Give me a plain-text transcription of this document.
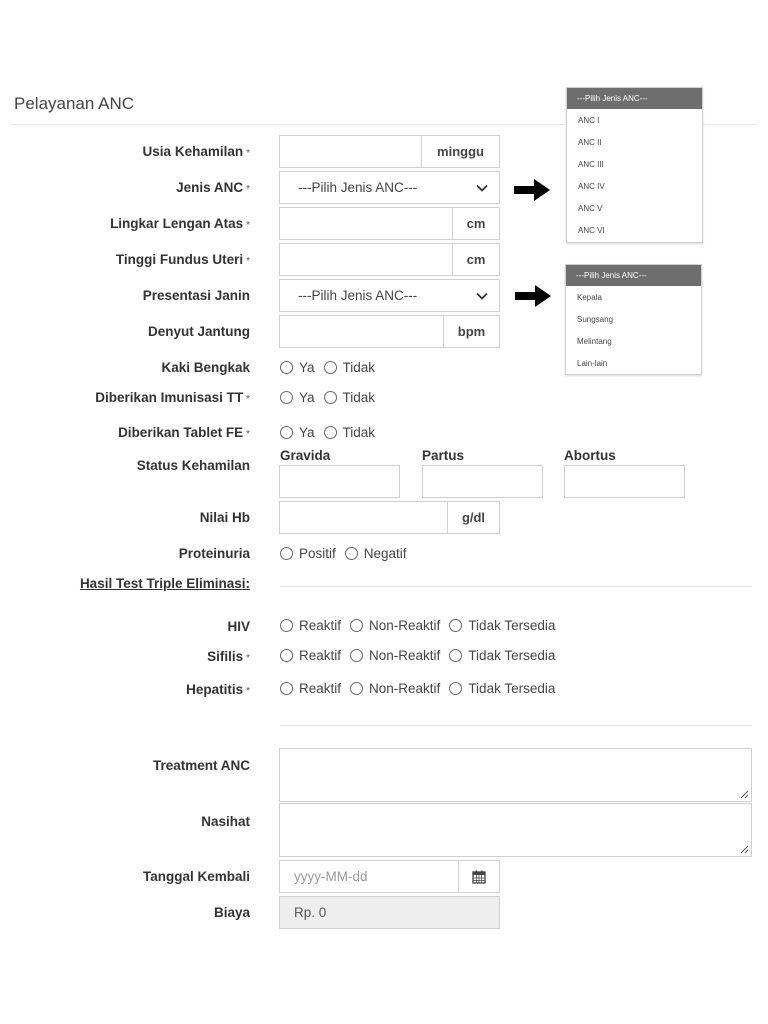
Pelayanan ANC
Usia Kehamilan *	minggu
Jenis ANC *	---Pilih Jenis ANC---
Lingkar Lengan Atas *	cm
Tinggi Fundus Uteri *	cm
Presentasi Janin	---Pilih Jenis ANC---
Denyut Jantung	bpm
Kaki Bengkak	Ya Tidak
Diberikan Imunisasi TT *	Ya Tidak
Diberikan Tablet FE *	Ya Tidak
Status Kehamilan
Gravida	Partus	Abortus
Nilai Hb	g/dl
Proteinuria	Positif Negatif
Hasil Test Triple Eliminasi:
HIV	Reaktif Non-Reaktif Tidak Tersedia
Sifilis *	Reaktif Non-Reaktif Tidak Tersedia
Hepatitis *	Reaktif Non-Reaktif Tidak Tersedia
Treatment ANC
Nasihat
Tanggal Kembali	yyyy-MM-dd
Biaya	Rp. 0
---Pilih Jenis ANC---
ANC I
ANC II
ANC III
ANC IV
ANC V
ANC VI
---Pilih Jenis ANC---
Kepala
Sungsang
Melintang
Lain-lain
